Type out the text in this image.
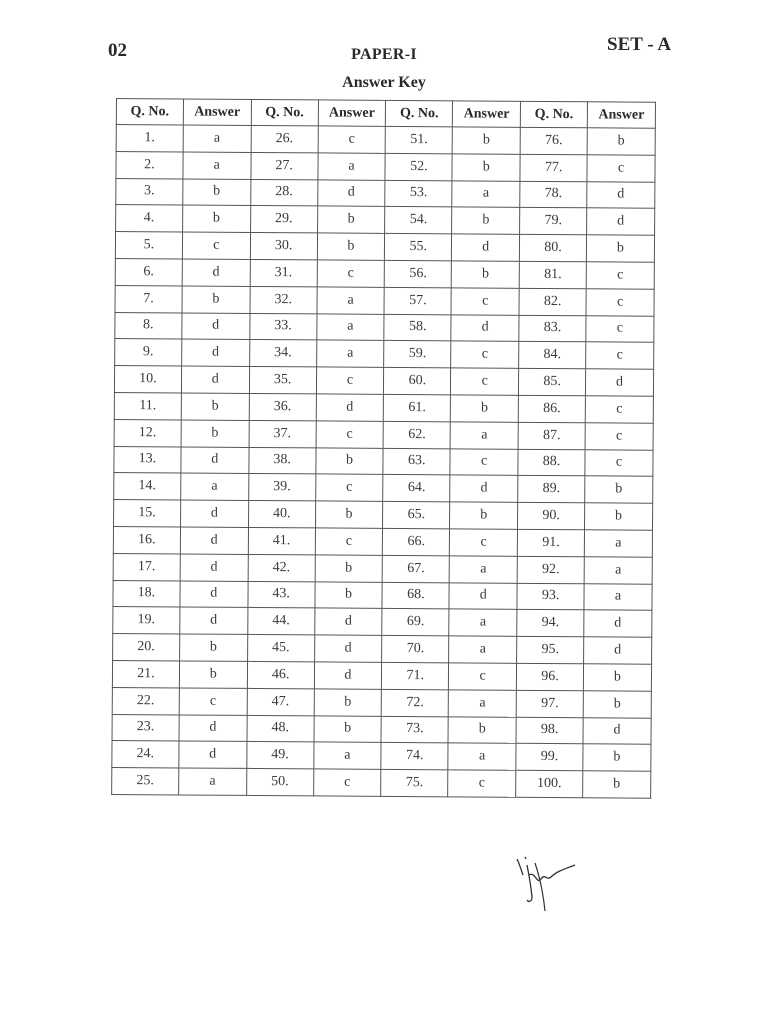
02	PAPER-I	SET - A
Answer Key
Q. No.	Answer	Q. No.	Answer	Q. No.	Answer	Q. No.	Answer
1.	a	26.	c	51.	b	76.	b
2.	a	27.	a	52.	b	77.	c
3.	b	28.	d	53.	a	78.	d
4.	b	29.	b	54.	b	79.	d
5.	c	30.	b	55.	d	80.	b
6.	d	31.	c	56.	b	81.	c
7.	b	32.	a	57.	c	82.	c
8.	d	33.	a	58.	d	83.	c
9.	d	34.	a	59.	c	84.	c
10.	d	35.	c	60.	c	85.	d
11.	b	36.	d	61.	b	86.	c
12.	b	37.	c	62.	a	87.	c
13.	d	38.	b	63.	c	88.	c
14.	a	39.	c	64.	d	89.	b
15.	d	40.	b	65.	b	90.	b
16.	d	41.	c	66.	c	91.	a
17.	d	42.	b	67.	a	92.	a
18.	d	43.	b	68.	d	93.	a
19.	d	44.	d	69.	a	94.	d
20.	b	45.	d	70.	a	95.	d
21.	b	46.	d	71.	c	96.	b
22.	c	47.	b	72.	a	97.	b
23.	d	48.	b	73.	b	98.	d
24.	d	49.	a	74.	a	99.	b
25.	a	50.	c	75.	c	100.	b
